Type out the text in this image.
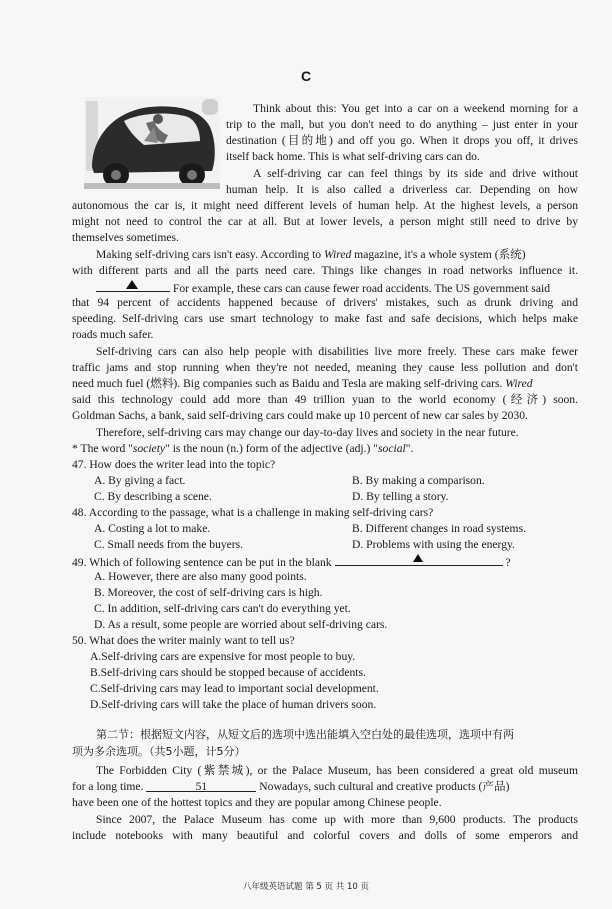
C
Think about this: You get into a car on a weekend morning for a
trip to the mall, but you don't need to do anything – just enter in your
destination (目的地) and off you go. When it drops you off, it drives
itself back home. This is what self-driving cars can do.
A self-driving car can feel things by its side and drive without
human help. It is also called a driverless car. Depending on how
autonomous the car is, it might need different levels of human help. At the highest levels, a person
might not need to control the car at all. But at lower levels, a person might still need to drive by
themselves sometimes.
Making self-driving cars isn't easy. According to Wired magazine, it's a whole system (系统)
with different parts and all the parts need care. Things like changes in road networks influence it.
For example, these cars can cause fewer road accidents. The US government said
that 94 percent of accidents happened because of drivers' mistakes, such as drunk driving and
speeding. Self-driving cars use smart technology to make fast and safe decisions, which helps make
roads much safer.
Self-driving cars can also help people with disabilities live more freely. These cars make fewer
traffic jams and stop running when they're not needed, meaning they cause less pollution and don't
need much fuel (燃料). Big companies such as Baidu and Tesla are making self-driving cars. Wired
said this technology could add more than 49 trillion yuan to the world economy (经济) soon.
Goldman Sachs, a bank, said self-driving cars could make up 10 percent of new car sales by 2030.
Therefore, self-driving cars may change our day-to-day lives and society in the near future.
* The word "society" is the noun (n.) form of the adjective (adj.) "social".
47. How does the writer lead into the topic?
A. By giving a fact.	B. By making a comparison.
C. By describing a scene.	D. By telling a story.
48. According to the passage, what is a challenge in making self-driving cars?
A. Costing a lot to make.	B. Different changes in road systems.
C. Small needs from the buyers.	D. Problems with using the energy.
49. Which of following sentence can be put in the blank	?
A. However, there are also many good points.
B. Moreover, the cost of self-driving cars is high.
C. In addition, self-driving cars can't do everything yet.
D. As a result, some people are worried about self-driving cars.
50. What does the writer mainly want to tell us?
A.Self-driving cars are expensive for most people to buy.
B.Self-driving cars should be stopped because of accidents.
C.Self-driving cars may lead to important social development.
D.Self-driving cars will take the place of human drivers soon.
第二节：根据短文内容，从短文后的选项中选出能填入空白处的最佳选项，选项中有两
项为多余选项。（共5小题，计5分）
The Forbidden City (紫禁城), or the Palace Museum, has been considered a great old museum
for a long time.	51	Nowadays, such cultural and creative products (产品)
have been one of the hottest topics and they are popular among Chinese people.
Since 2007, the Palace Museum has come up with more than 9,600 products. The products
include notebooks with many beautiful and colorful covers and dolls of some emperors and
八年级英语试题 第 5 页 共 10 页
